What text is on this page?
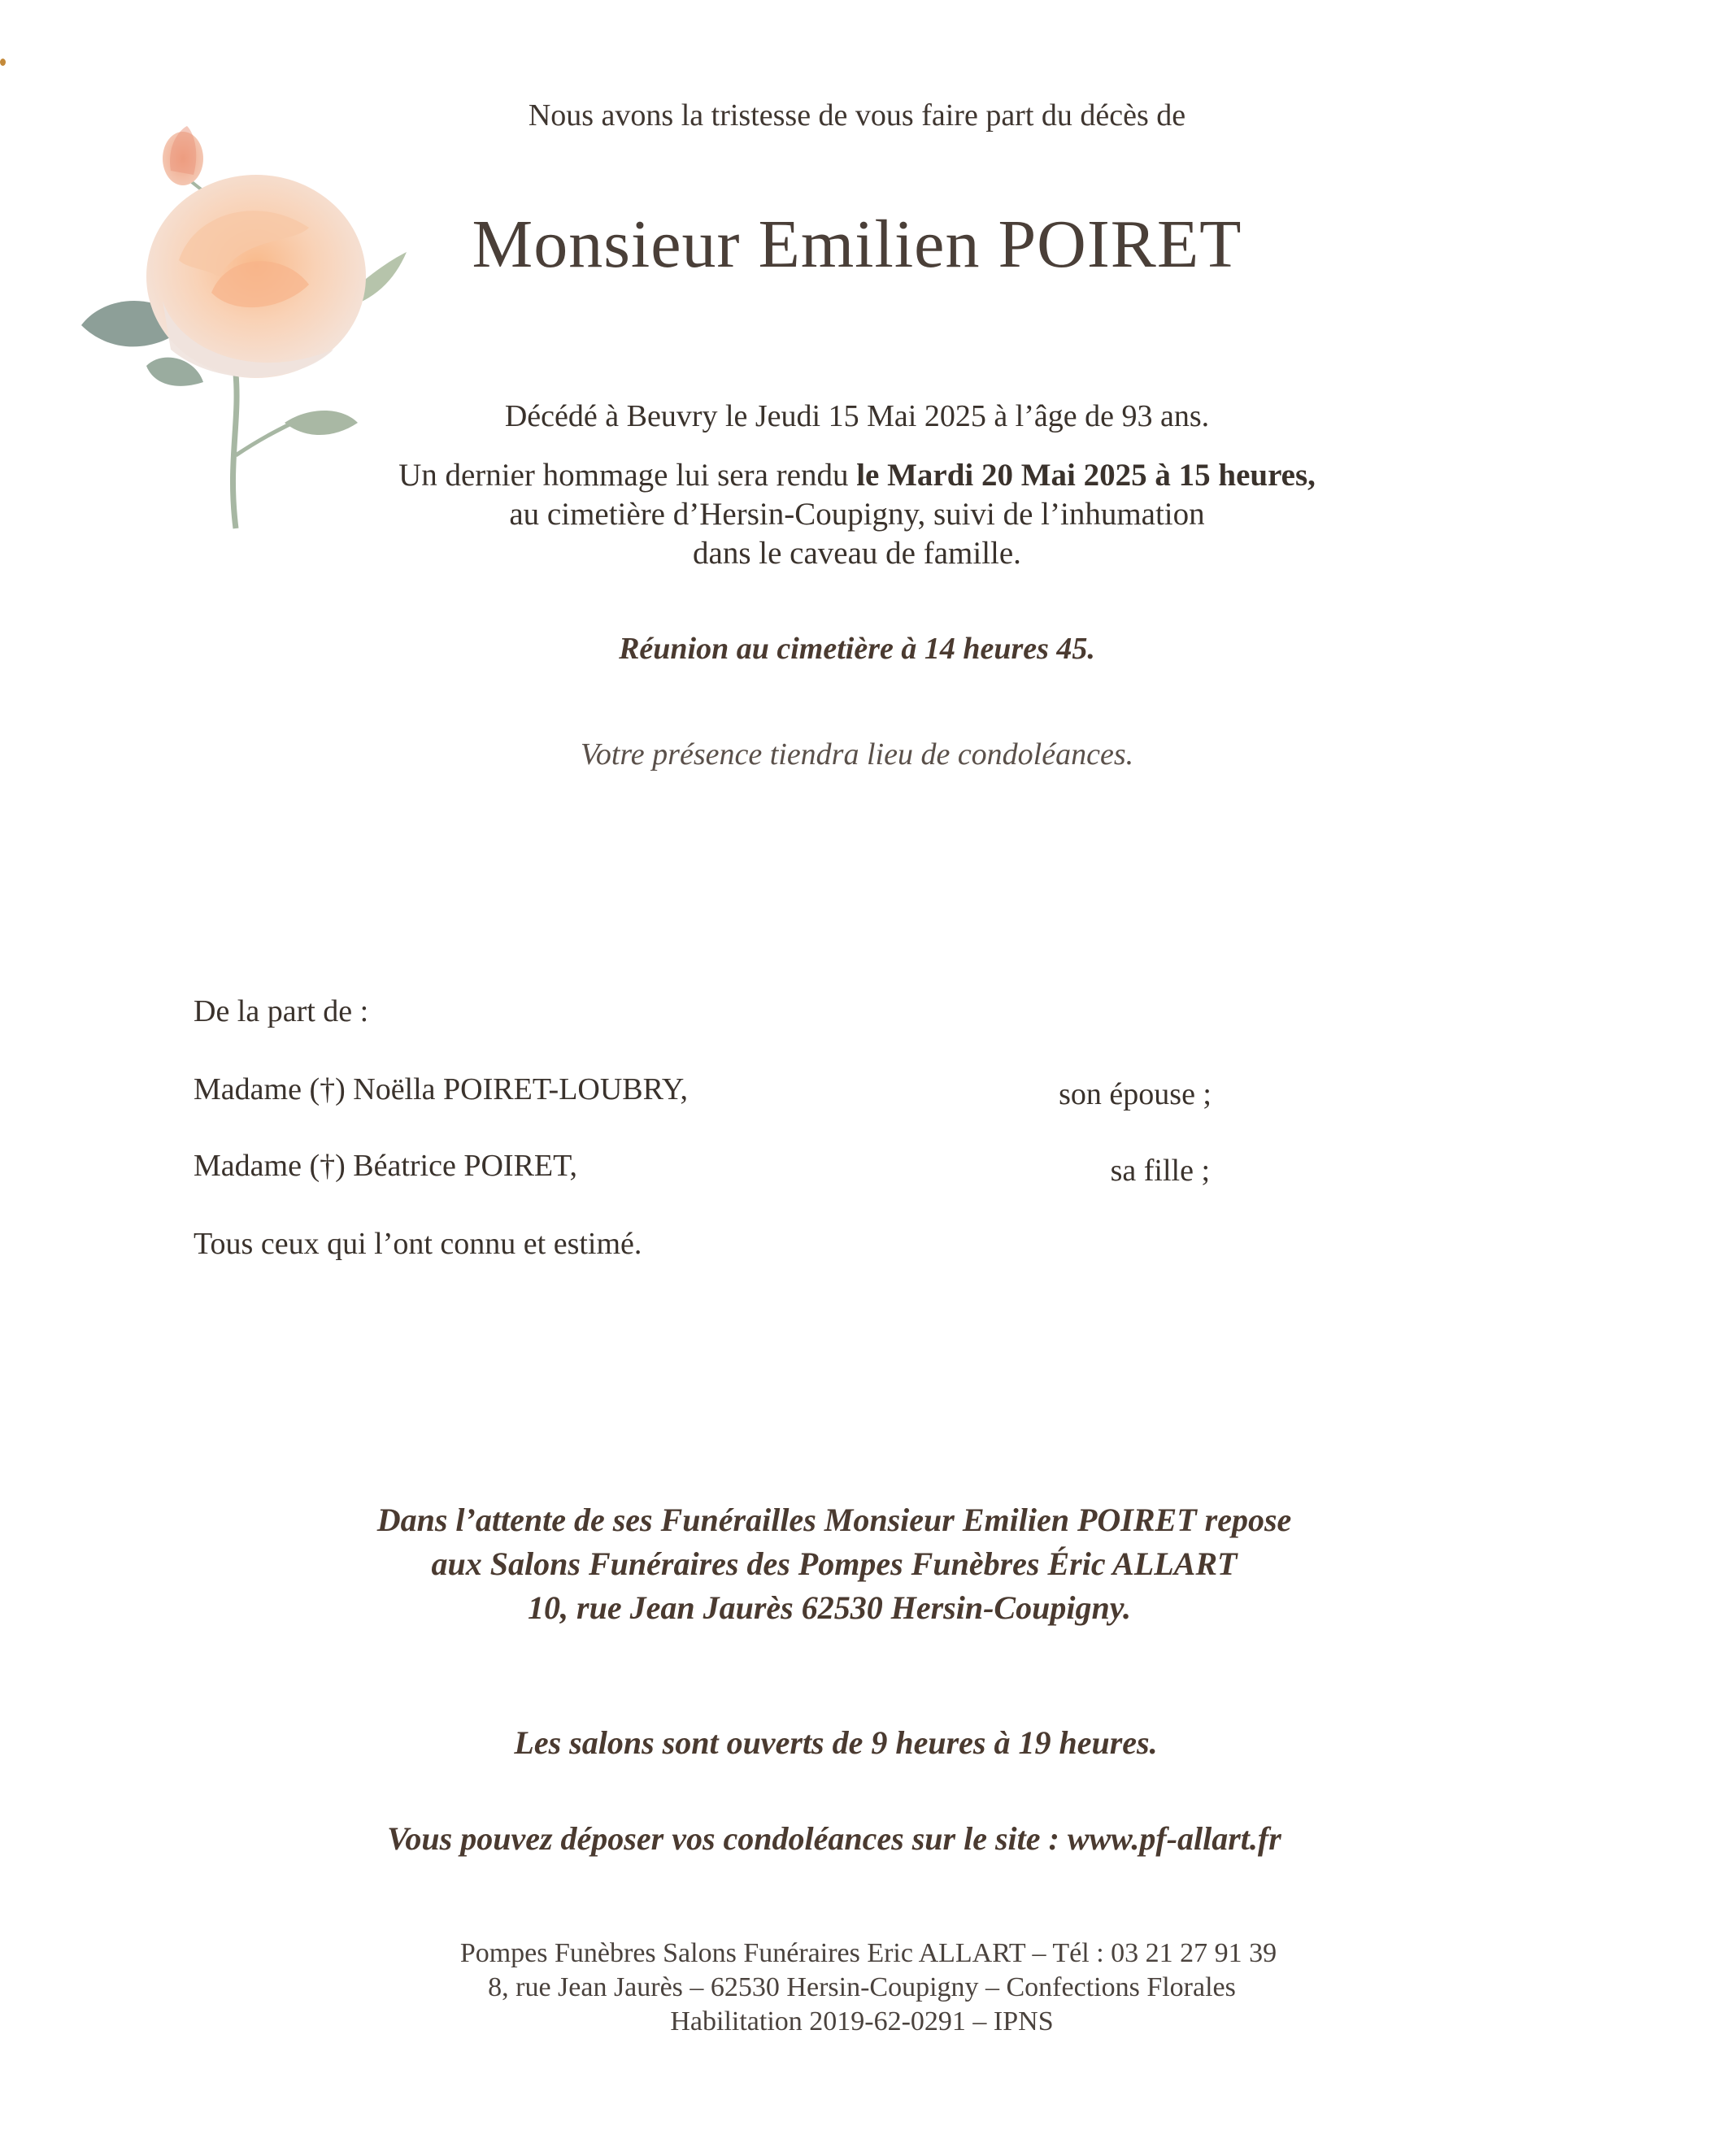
Nous avons la tristesse de vous faire part du décès de
Monsieur Emilien POIRET
Décédé à Beuvry le Jeudi 15 Mai 2025 à l’âge de 93 ans.
Un dernier hommage lui sera rendu le Mardi 20 Mai 2025 à 15 heures,
au cimetière d’Hersin-Coupigny, suivi de l’inhumation
dans le caveau de famille.
Réunion au cimetière à 14 heures 45.
Votre présence tiendra lieu de condoléances.
De la part de :
Madame (†) Noëlla POIRET-LOUBRY,	son épouse ;
Madame (†) Béatrice POIRET,	sa fille ;
Tous ceux qui l’ont connu et estimé.
Dans l’attente de ses Funérailles Monsieur Emilien POIRET repose
aux Salons Funéraires des Pompes Funèbres Éric ALLART
10, rue Jean Jaurès 62530 Hersin-Coupigny.
Les salons sont ouverts de 9 heures à 19 heures.
Vous pouvez déposer vos condoléances sur le site : www.pf-allart.fr
Pompes Funèbres Salons Funéraires Eric ALLART – Tél : 03 21 27 91 39
8, rue Jean Jaurès – 62530 Hersin-Coupigny – Confections Florales
Habilitation 2019-62-0291 – IPNS
